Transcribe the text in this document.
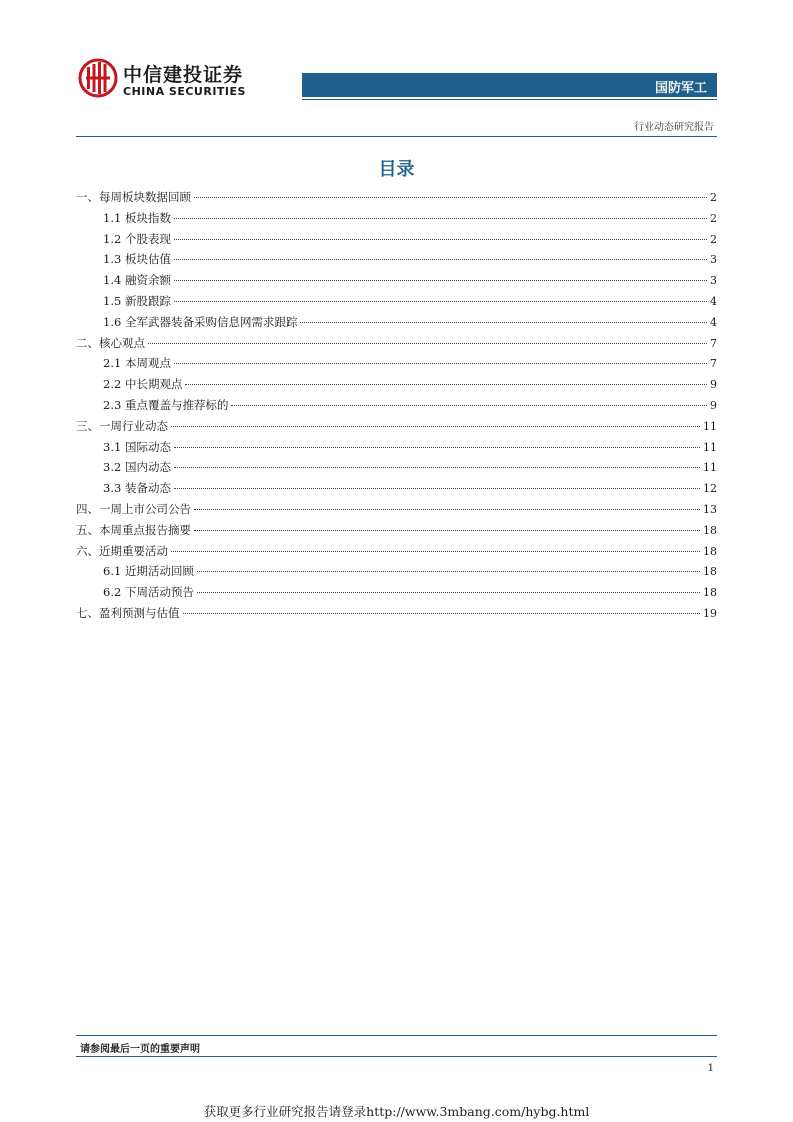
中信建投证券
CHINA SECURITIES	国防军工
行业动态研究报告
目录
一、每周板块数据回顾	2
1.1 板块指数	2
1.2 个股表现	2
1.3 板块估值	3
1.4 融资余额	3
1.5 新股跟踪	4
1.6 全军武器装备采购信息网需求跟踪	4
二、核心观点	7
2.1 本周观点	7
2.2 中长期观点	9
2.3 重点覆盖与推荐标的	9
三、一周行业动态	11
3.1 国际动态	11
3.2 国内动态	11
3.3 装备动态	12
四、一周上市公司公告	13
五、本周重点报告摘要	18
六、近期重要活动	18
6.1 近期活动回顾	18
6.2 下周活动预告	18
七、盈利预测与估值	19
请参阅最后一页的重要声明
1
获取更多行业研究报告请登录http://www.3mbang.com/hybg.html
